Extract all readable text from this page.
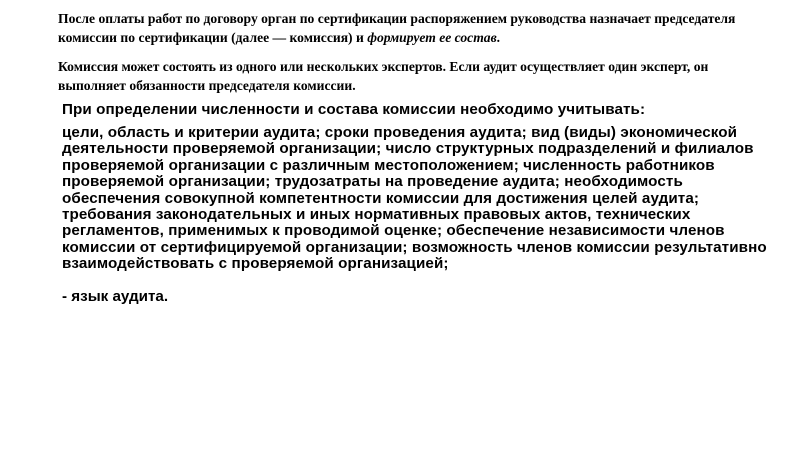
После оплаты работ по договору орган по сертификации распоряжением руководства назначает председателя комиссии по сертификации (далее — комиссия) и формирует ее состав.

Комиссия может состоять из одного или нескольких экспертов. Если аудит осуществляет один эксперт, он выполняет обязанности председателя комиссии.

При определении численности и состава комиссии необходимо учитывать:

цели, область и критерии аудита; сроки проведения аудита; вид (виды) экономической деятельности проверяемой организации; число структурных подразделений и филиалов проверяемой организации с различным местоположением; численность работников проверяемой организации; трудозатраты на проведение аудита; необходимость обеспечения совокупной компетентности комиссии для достижения целей аудита; требования законодательных и иных нормативных правовых актов, технических регламентов, применимых к проводимой оценке; обеспечение независимости членов комиссии от сертифицируемой организации; возможность членов комиссии результативно взаимодействовать с проверяемой организацией;

- язык аудита.
